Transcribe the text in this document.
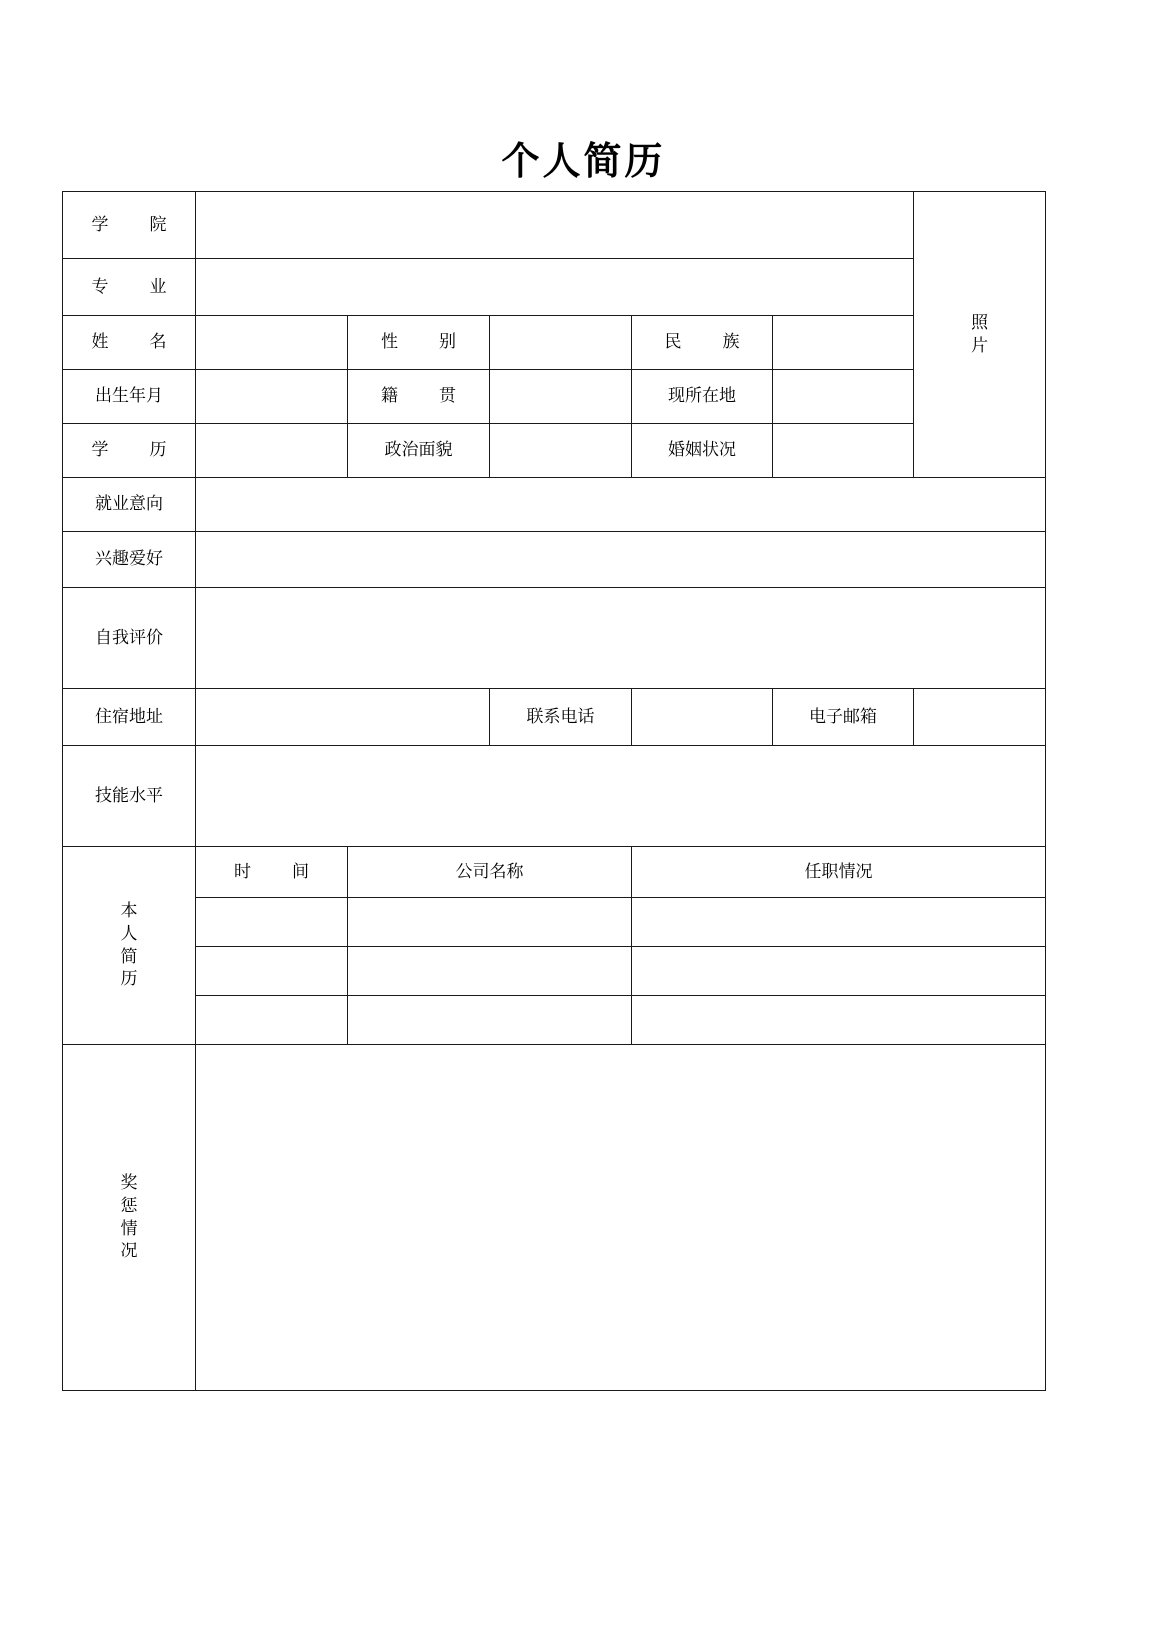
个人简历
学　院						照
片

专　业						
姓　名		性　别		民　族		
出生年月		籍　贯		现所在地		
学　历		政治面貌		婚姻状况		
就业意向						
兴趣爱好						
自我评价						
住宿地址			联系电话		电子邮箱	
技能水平						

本
人
简
历	时　间	公司名称		任职情况		

奖
惩
情
况						
